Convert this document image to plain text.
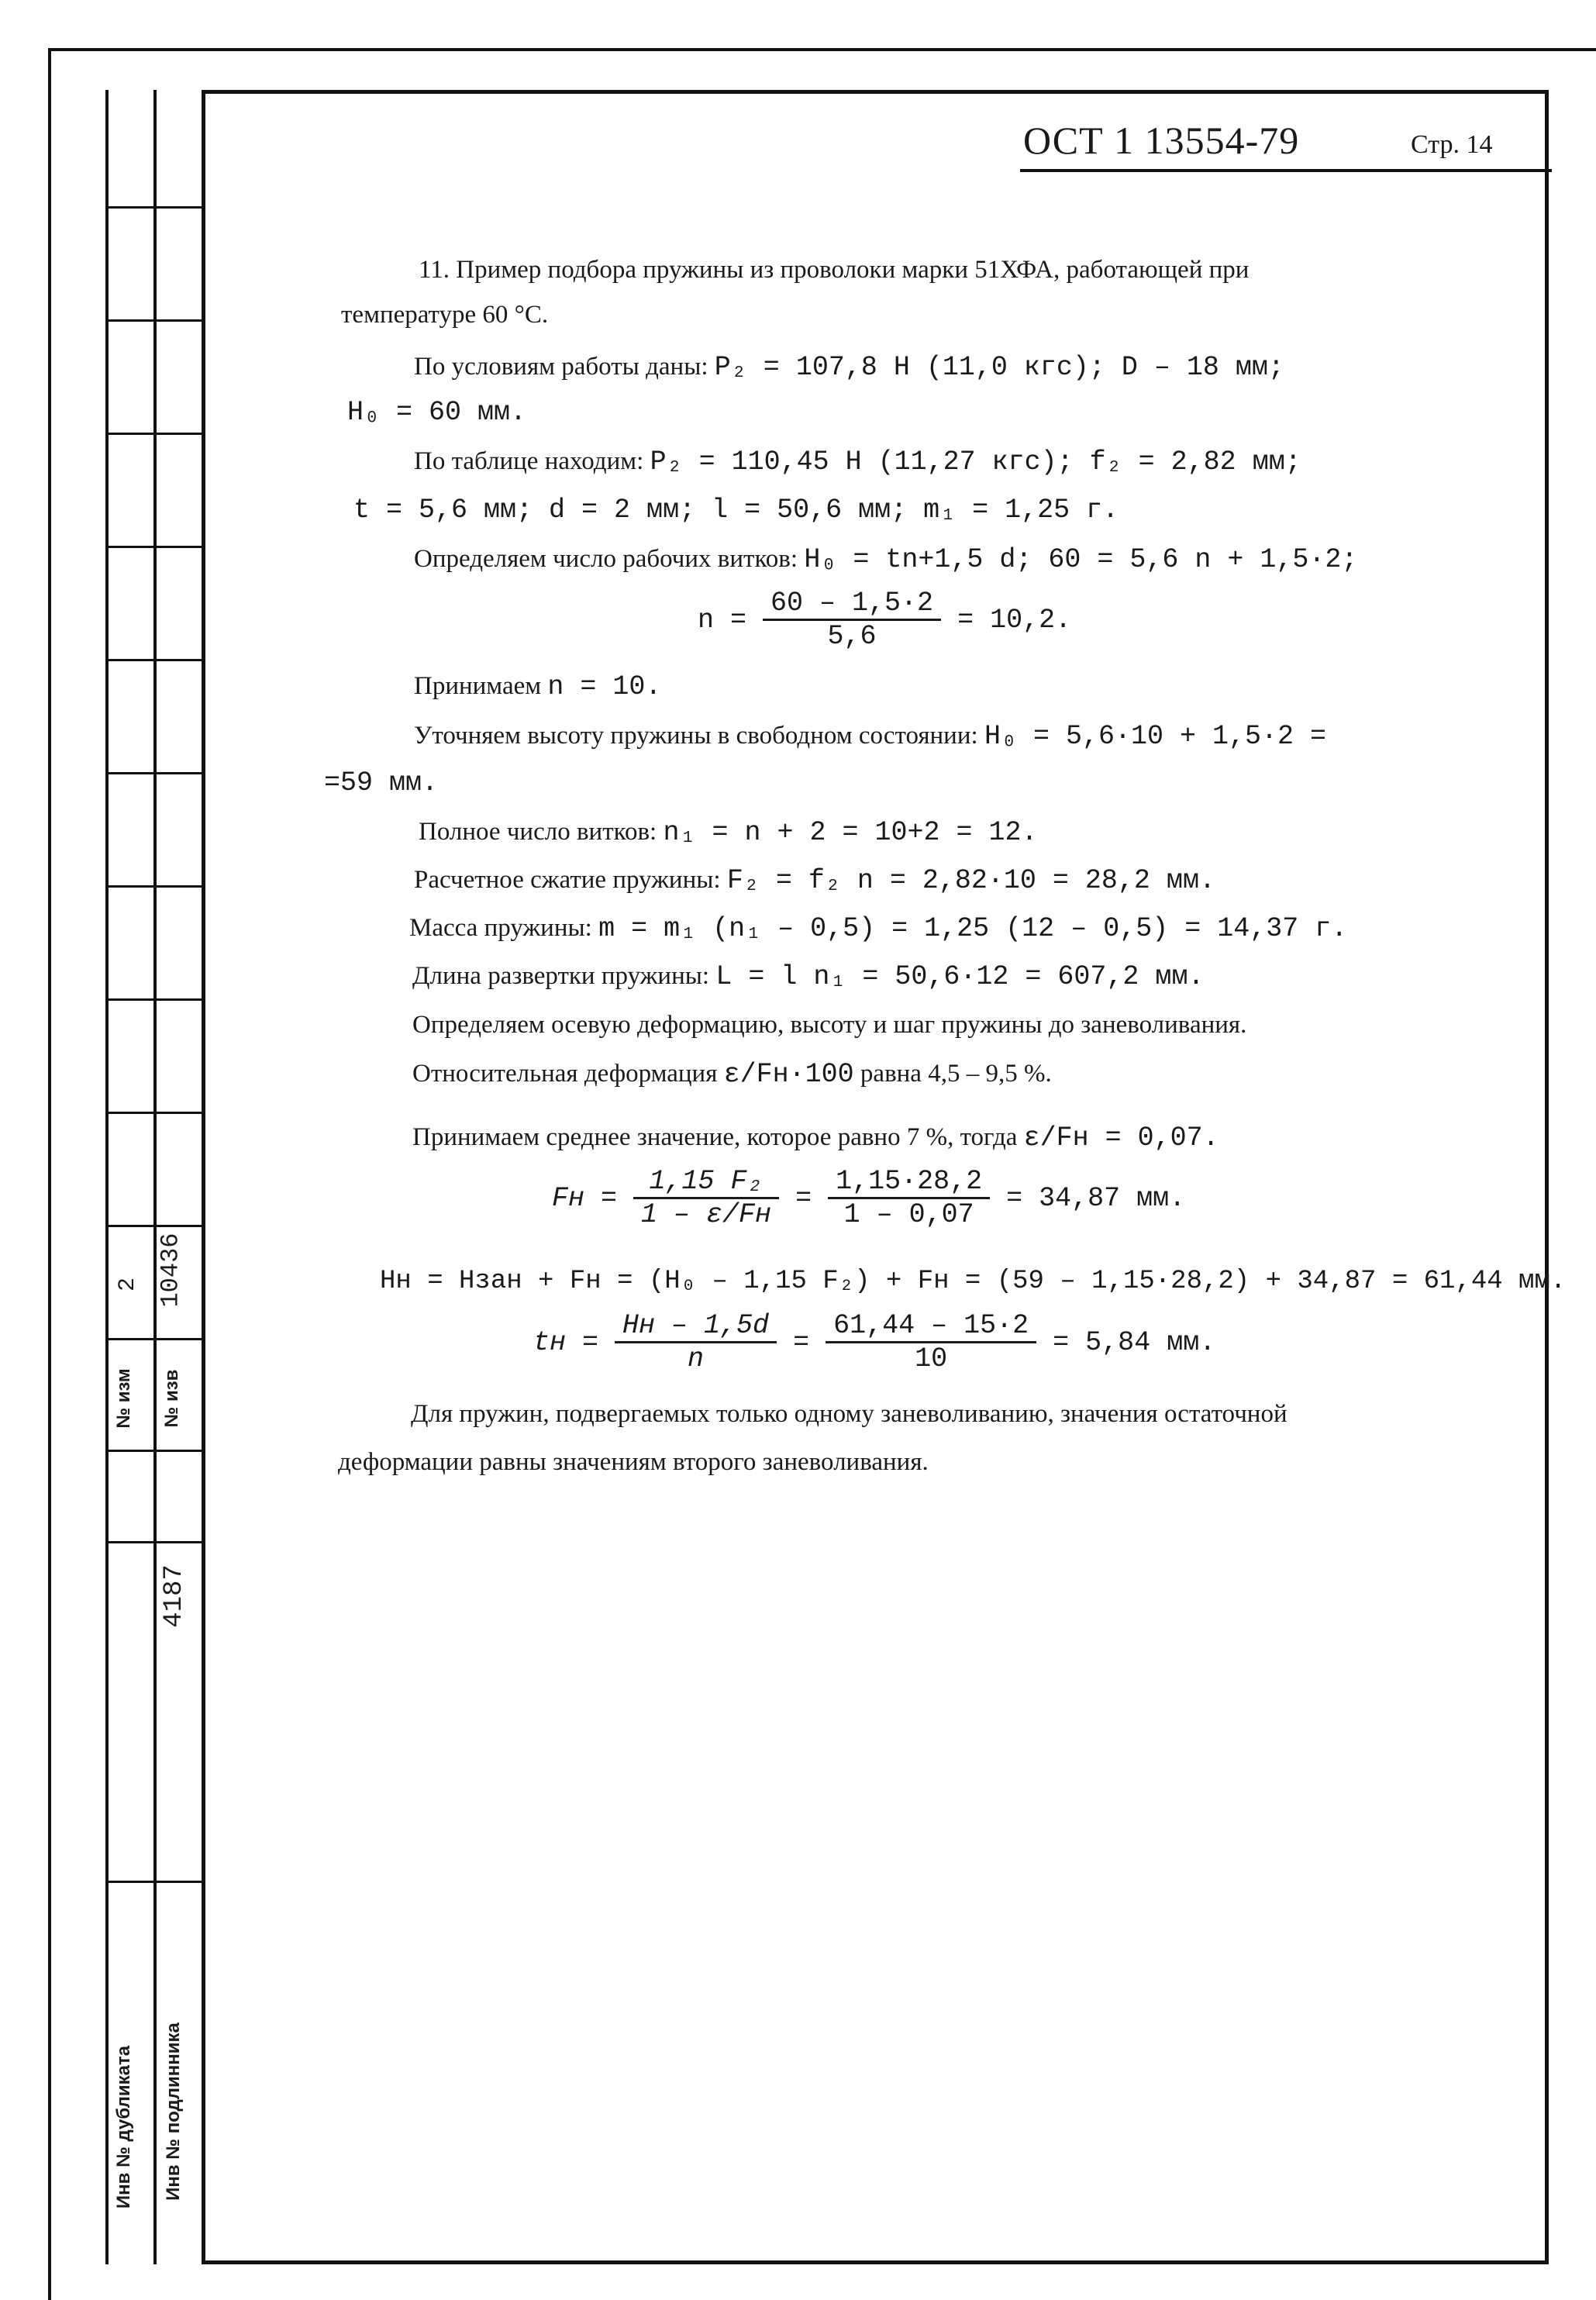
2 10436
№ изм № изв
4187
Инв № дубликата Инв № подлинника
ОСТ 1 13554-79	Стр. 14
11. Пример подбора пружины из проволоки марки 51ХФА, работающей при
температуре 60 °С.
По условиям работы даны: P₂ = 107,8 Н (11,0 кгс); D – 18 мм;
H₀ = 60 мм.
По таблице находим: P₂ = 110,45 Н (11,27 кгс); f₂ = 2,82 мм;
t = 5,6 мм; d = 2 мм; l = 50,6 мм; m₁ = 1,25 г.
Определяем число рабочих витков: H₀ = tn+1,5 d; 60 = 5,6 n + 1,5·2;
$n = \frac{60 - 1,5\cdot 2}{5,6} = 10,2$.
Принимаем n = 10.
Уточняем высоту пружины в свободном состоянии: H₀ = 5,6·10 + 1,5·2 =
=59 мм.
Полное число витков: n₁ = n + 2 = 10+2 = 12.
Расчетное сжатие пружины: F₂ = f₂ n = 2,82·10 = 28,2 мм.
Масса пружины: m = m₁ (n₁ – 0,5) = 1,25 (12 – 0,5) = 14,37 г.
Длина развертки пружины: L = l n₁ = 50,6·12 = 607,2 мм.
Определяем осевую деформацию, высоту и шаг пружины до заневоливания.
Относительная деформация ε/Fн·100 равна 4,5 – 9,5 %.
Принимаем среднее значение, которое равно 7 %, тогда ε/Fн = 0,07.
Fн = $\frac{\text{1,15 F₂}}{1 - \varepsilon/Fн} = \frac{1,15\cdot 28,2}{1 - 0,07} = 34,87$ мм.
Hн = Hзан + Fн = (H₀ – 1,15 F₂) + Fн = (59 – 1,15·28,2) + 34,87 = 61,44 мм.
tн = $\frac{Hн - 1,5d}{n} = \frac{61,44 - 15\cdot 2}{10} = 5,84$ мм.
Для пружин, подвергаемых только одному заневоливанию, значения остаточной
деформации равны значениям второго заневоливания.
